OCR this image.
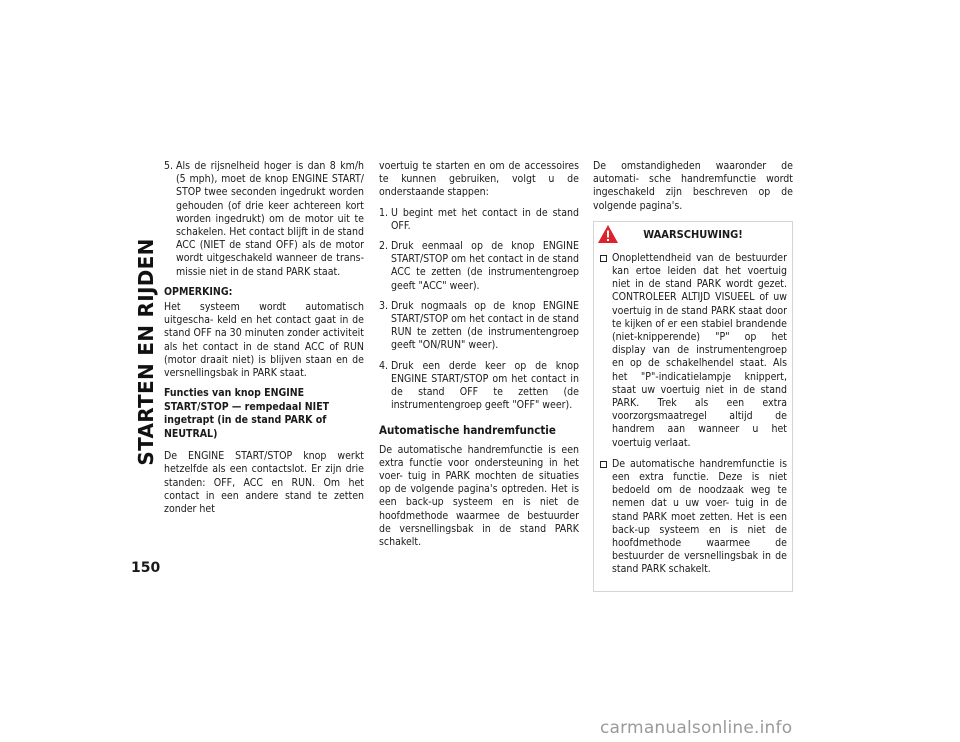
STARTEN EN RIJDEN
150
5. Als de rijsnelheid hoger is dan 8 km/h (5 mph), moet de knop ENGINE START/ STOP twee seconden ingedrukt worden gehouden (of drie keer achtereen kort worden ingedrukt) om de motor uit te schakelen. Het contact blijft in de stand ACC (NIET de stand OFF) als de motor wordt uitgeschakeld wanneer de trans- missie niet in de stand PARK staat.
OPMERKING:

Het systeem wordt automatisch uitgescha- keld en het contact gaat in de stand OFF na 30 minuten zonder activiteit als het contact in de stand ACC of RUN (motor draait niet) is blijven staan en de versnellingsbak in PARK staat.

Functies van knop ENGINE START/STOP — rempedaal NIET ingetrapt (in de stand PARK of NEUTRAL)

De ENGINE START/STOP knop werkt hetzelfde als een contactslot. Er zijn drie standen: OFF, ACC en RUN. Om het contact in een andere stand te zetten zonder het

voertuig te starten en om de accessoires te kunnen gebruiken, volgt u de onderstaande stappen:

1. U begint met het contact in de stand OFF.
2. Druk eenmaal op de knop ENGINE START/STOP om het contact in de stand ACC te zetten (de instrumentengroep geeft "ACC" weer).
3. Druk nogmaals op de knop ENGINE START/STOP om het contact in de stand RUN te zetten (de instrumentengroep geeft "ON/RUN" weer).
4. Druk een derde keer op de knop ENGINE START/STOP om het contact in de stand OFF te zetten (de instrumentengroep geeft "OFF" weer).
Automatische handremfunctie

De automatische handremfunctie is een extra functie voor ondersteuning in het voer- tuig in PARK mochten de situaties op de volgende pagina's optreden. Het is een back-up systeem en is niet de hoofdmethode waarmee de bestuurder de versnellingsbak in de stand PARK schakelt.

De omstandigheden waaronder de automati- sche handremfunctie wordt ingeschakeld zijn beschreven op de volgende pagina's.

WAARSCHUWING!
Onoplettendheid van de bestuurder kan ertoe leiden dat het voertuig niet in de stand PARK wordt gezet. CONTROLEER ALTIJD VISUEEL of uw voertuig in de stand PARK staat door te kijken of er een stabiel brandende (niet-knipperende) "P" op het display van de instrumentengroep en op de schakelhendel staat. Als het "P"-indicatielampje knippert, staat uw voertuig niet in de stand PARK. Trek als een extra voorzorgsmaatregel altijd de handrem aan wanneer u het voertuig verlaat.
De automatische handremfunctie is een extra functie. Deze is niet bedoeld om de noodzaak weg te nemen dat u uw voer- tuig in de stand PARK moet zetten. Het is een back-up systeem en is niet de hoofdmethode waarmee de bestuurder de versnellingsbak in de stand PARK schakelt.
carmanualsonline.info
